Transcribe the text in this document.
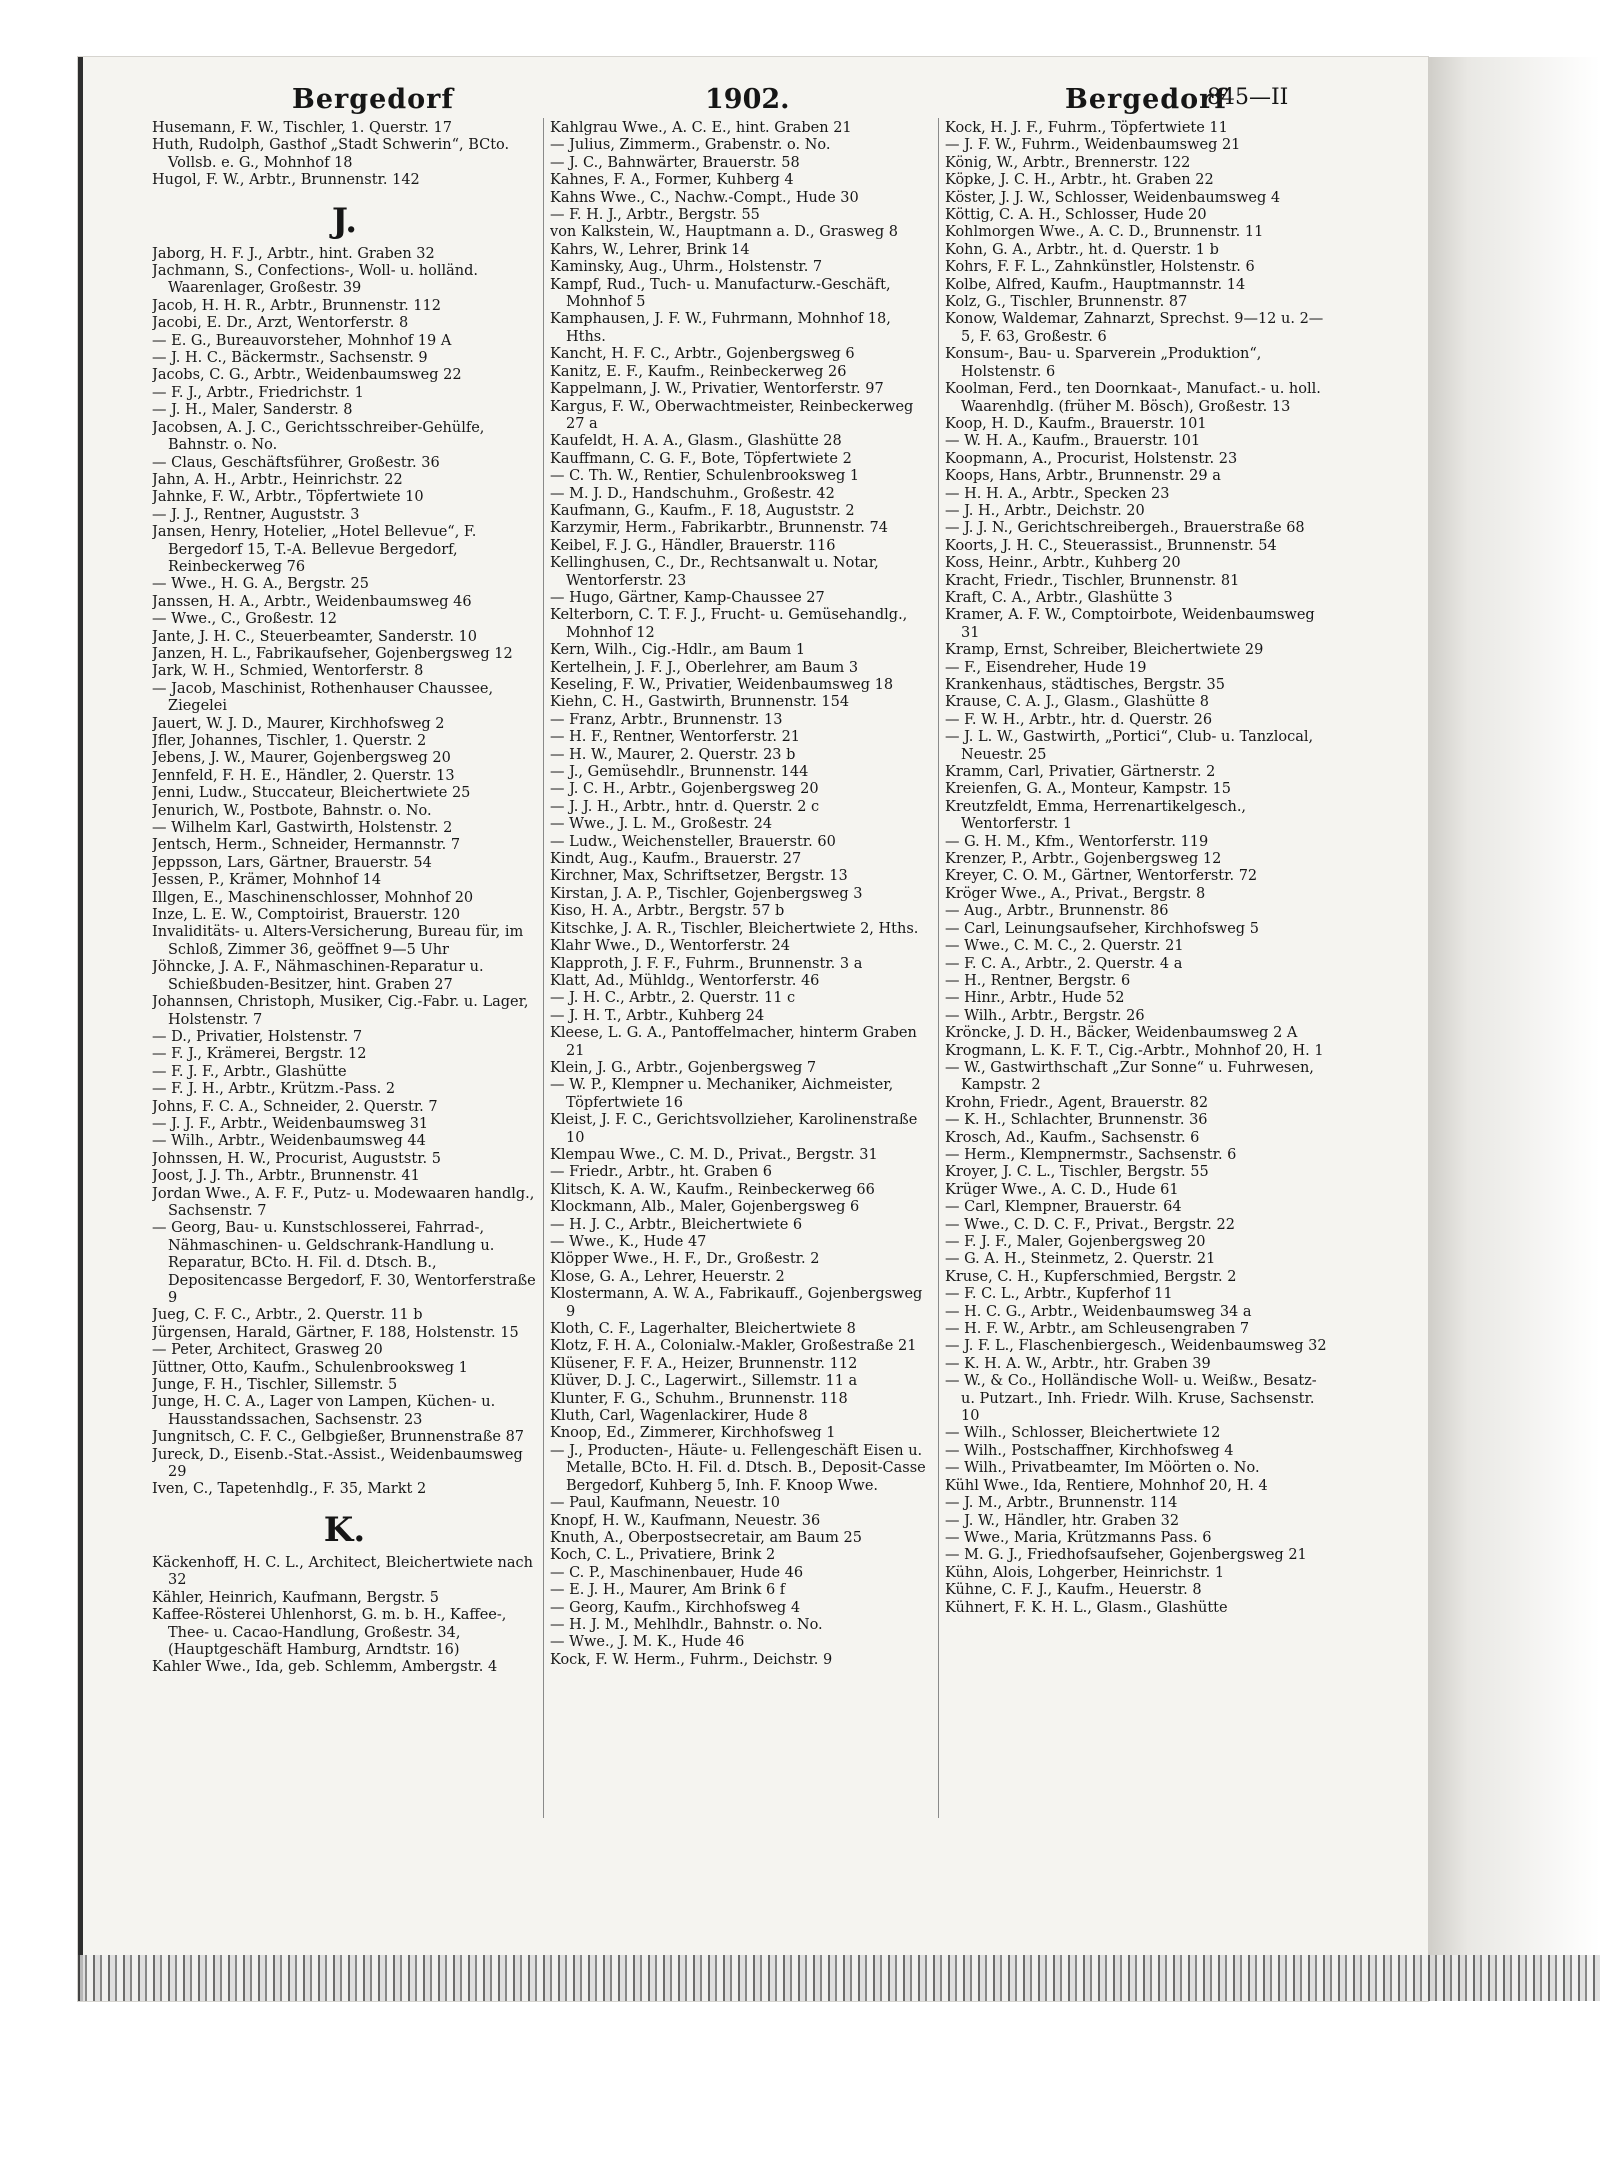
Bergedorf	1902.	Bergedorf
845—II

Husemann, F. W., Tischler, 1. Querstr. 17

Huth, Rudolph, Gasthof „Stadt Schwerin“, BCto. Vollsb. e. G., Mohnhof 18

Hugol, F. W., Arbtr., Brunnenstr. 142

J.

Jaborg, H. F. J., Arbtr., hint. Graben 32

Jachmann, S., Confections-, Woll- u. holländ. Waarenlager, Großestr. 39

Jacob, H. H. R., Arbtr., Brunnenstr. 112

Jacobi, E. Dr., Arzt, Wentorferstr. 8

— E. G., Bureauvorsteher, Mohnhof 19 A

— J. H. C., Bäckermstr., Sachsenstr. 9

Jacobs, C. G., Arbtr., Weidenbaumsweg 22

— F. J., Arbtr., Friedrichstr. 1

— J. H., Maler, Sanderstr. 8

Jacobsen, A. J. C., Gerichtsschreiber-Gehülfe, Bahnstr. o. No.

— Claus, Geschäftsführer, Großestr. 36

Jahn, A. H., Arbtr., Heinrichstr. 22

Jahnke, F. W., Arbtr., Töpfertwiete 10

— J. J., Rentner, Auguststr. 3

Jansen, Henry, Hotelier, „Hotel Bellevue“, F. Bergedorf 15, T.-A. Bellevue Bergedorf, Reinbeckerweg 76

— Wwe., H. G. A., Bergstr. 25

Janssen, H. A., Arbtr., Weidenbaumsweg 46

— Wwe., C., Großestr. 12

Jante, J. H. C., Steuerbeamter, Sanderstr. 10

Janzen, H. L., Fabrikaufseher, Gojenbergsweg 12

Jark, W. H., Schmied, Wentorferstr. 8

— Jacob, Maschinist, Rothenhauser Chaussee, Ziegelei

Jauert, W. J. D., Maurer, Kirchhofsweg 2

Jfler, Johannes, Tischler, 1. Querstr. 2

Jebens, J. W., Maurer, Gojenbergsweg 20

Jennfeld, F. H. E., Händler, 2. Querstr. 13

Jenni, Ludw., Stuccateur, Bleichertwiete 25

Jenurich, W., Postbote, Bahnstr. o. No.

— Wilhelm Karl, Gastwirth, Holstenstr. 2

Jentsch, Herm., Schneider, Hermannstr. 7

Jeppsson, Lars, Gärtner, Brauerstr. 54

Jessen, P., Krämer, Mohnhof 14

Illgen, E., Maschinenschlosser, Mohnhof 20

Inze, L. E. W., Comptoirist, Brauerstr. 120

Invaliditäts- u. Alters-Versicherung, Bureau für, im Schloß, Zimmer 36, geöffnet 9—5 Uhr

Jöhncke, J. A. F., Nähmaschinen-Reparatur u. Schießbuden-Besitzer, hint. Graben 27

Johannsen, Christoph, Musiker, Cig.-Fabr. u. Lager, Holstenstr. 7

— D., Privatier, Holstenstr. 7

— F. J., Krämerei, Bergstr. 12

— F. J. F., Arbtr., Glashütte

— F. J. H., Arbtr., Krützm.-Pass. 2

Johns, F. C. A., Schneider, 2. Querstr. 7

— J. J. F., Arbtr., Weidenbaumsweg 31

— Wilh., Arbtr., Weidenbaumsweg 44

Johnssen, H. W., Procurist, Auguststr. 5

Joost, J. J. Th., Arbtr., Brunnenstr. 41

Jordan Wwe., A. F. F., Putz- u. Modewaaren handlg., Sachsenstr. 7

— Georg, Bau- u. Kunstschlosserei, Fahrrad-, Nähmaschinen- u. Geldschrank-Handlung u. Reparatur, BCto. H. Fil. d. Dtsch. B., Depositencasse Bergedorf, F. 30, Wentorferstraße 9

Jueg, C. F. C., Arbtr., 2. Querstr. 11 b

Jürgensen, Harald, Gärtner, F. 188, Holstenstr. 15

— Peter, Architect, Grasweg 20

Jüttner, Otto, Kaufm., Schulenbrooksweg 1

Junge, F. H., Tischler, Sillemstr. 5

Junge, H. C. A., Lager von Lampen, Küchen- u. Hausstandssachen, Sachsenstr. 23

Jungnitsch, C. F. C., Gelbgießer, Brunnenstraße 87

Jureck, D., Eisenb.-Stat.-Assist., Weidenbaumsweg 29

Iven, C., Tapetenhdlg., F. 35, Markt 2

K.

Käckenhoff, H. C. L., Architect, Bleichertwiete nach 32

Kähler, Heinrich, Kaufmann, Bergstr. 5

Kaffee-Rösterei Uhlenhorst, G. m. b. H., Kaffee-, Thee- u. Cacao-Handlung, Großestr. 34, (Hauptgeschäft Hamburg, Arndtstr. 16)

Kahler Wwe., Ida, geb. Schlemm, Ambergstr. 4

Kahlgrau Wwe., A. C. E., hint. Graben 21

— Julius, Zimmerm., Grabenstr. o. No.

— J. C., Bahnwärter, Brauerstr. 58

Kahnes, F. A., Former, Kuhberg 4

Kahns Wwe., C., Nachw.-Compt., Hude 30

— F. H. J., Arbtr., Bergstr. 55

von Kalkstein, W., Hauptmann a. D., Grasweg 8

Kahrs, W., Lehrer, Brink 14

Kaminsky, Aug., Uhrm., Holstenstr. 7

Kampf, Rud., Tuch- u. Manufacturw.-Geschäft, Mohnhof 5

Kamphausen, J. F. W., Fuhrmann, Mohnhof 18, Hths.

Kancht, H. F. C., Arbtr., Gojenbergsweg 6

Kanitz, E. F., Kaufm., Reinbeckerweg 26

Kappelmann, J. W., Privatier, Wentorferstr. 97

Kargus, F. W., Oberwachtmeister, Reinbeckerweg 27 a

Kaufeldt, H. A. A., Glasm., Glashütte 28

Kauffmann, C. G. F., Bote, Töpfertwiete 2

— C. Th. W., Rentier, Schulenbrooksweg 1

— M. J. D., Handschuhm., Großestr. 42

Kaufmann, G., Kaufm., F. 18, Auguststr. 2

Karzymir, Herm., Fabrikarbtr., Brunnenstr. 74

Keibel, F. J. G., Händler, Brauerstr. 116

Kellinghusen, C., Dr., Rechtsanwalt u. Notar, Wentorferstr. 23

— Hugo, Gärtner, Kamp-Chaussee 27

Kelterborn, C. T. F. J., Frucht- u. Gemüsehandlg., Mohnhof 12

Kern, Wilh., Cig.-Hdlr., am Baum 1

Kertelhein, J. F. J., Oberlehrer, am Baum 3

Keseling, F. W., Privatier, Weidenbaumsweg 18

Kiehn, C. H., Gastwirth, Brunnenstr. 154

— Franz, Arbtr., Brunnenstr. 13

— H. F., Rentner, Wentorferstr. 21

— H. W., Maurer, 2. Querstr. 23 b

— J., Gemüsehdlr., Brunnenstr. 144

— J. C. H., Arbtr., Gojenbergsweg 20

— J. J. H., Arbtr., hntr. d. Querstr. 2 c

— Wwe., J. L. M., Großestr. 24

— Ludw., Weichensteller, Brauerstr. 60

Kindt, Aug., Kaufm., Brauerstr. 27

Kirchner, Max, Schriftsetzer, Bergstr. 13

Kirstan, J. A. P., Tischler, Gojenbergsweg 3

Kiso, H. A., Arbtr., Bergstr. 57 b

Kitschke, J. A. R., Tischler, Bleichertwiete 2, Hths.

Klahr Wwe., D., Wentorferstr. 24

Klapproth, J. F. F., Fuhrm., Brunnenstr. 3 a

Klatt, Ad., Mühldg., Wentorferstr. 46

— J. H. C., Arbtr., 2. Querstr. 11 c

— J. H. T., Arbtr., Kuhberg 24

Kleese, L. G. A., Pantoffelmacher, hinterm Graben 21

Klein, J. G., Arbtr., Gojenbergsweg 7

— W. P., Klempner u. Mechaniker, Aichmeister, Töpfertwiete 16

Kleist, J. F. C., Gerichtsvollzieher, Karolinenstraße 10

Klempau Wwe., C. M. D., Privat., Bergstr. 31

— Friedr., Arbtr., ht. Graben 6

Klitsch, K. A. W., Kaufm., Reinbeckerweg 66

Klockmann, Alb., Maler, Gojenbergsweg 6

— H. J. C., Arbtr., Bleichertwiete 6

— Wwe., K., Hude 47

Klöpper Wwe., H. F., Dr., Großestr. 2

Klose, G. A., Lehrer, Heuerstr. 2

Klostermann, A. W. A., Fabrikauff., Gojenbergsweg 9

Kloth, C. F., Lagerhalter, Bleichertwiete 8

Klotz, F. H. A., Colonialw.-Makler, Großestraße 21

Klüsener, F. F. A., Heizer, Brunnenstr. 112

Klüver, D. J. C., Lagerwirt., Sillemstr. 11 a

Klunter, F. G., Schuhm., Brunnenstr. 118

Kluth, Carl, Wagenlackirer, Hude 8

Knoop, Ed., Zimmerer, Kirchhofsweg 1

— J., Producten-, Häute- u. Fellengeschäft Eisen u. Metalle, BCto. H. Fil. d. Dtsch. B., Deposit-Casse Bergedorf, Kuhberg 5, Inh. F. Knoop Wwe.

— Paul, Kaufmann, Neuestr. 10

Knopf, H. W., Kaufmann, Neuestr. 36

Knuth, A., Oberpostsecretair, am Baum 25

Koch, C. L., Privatiere, Brink 2

— C. P., Maschinenbauer, Hude 46

— E. J. H., Maurer, Am Brink 6 f

— Georg, Kaufm., Kirchhofsweg 4

— H. J. M., Mehlhdlr., Bahnstr. o. No.

— Wwe., J. M. K., Hude 46

Kock, F. W. Herm., Fuhrm., Deichstr. 9

Kock, H. J. F., Fuhrm., Töpfertwiete 11

— J. F. W., Fuhrm., Weidenbaumsweg 21

König, W., Arbtr., Brennerstr. 122

Köpke, J. C. H., Arbtr., ht. Graben 22

Köster, J. J. W., Schlosser, Weidenbaumsweg 4

Köttig, C. A. H., Schlosser, Hude 20

Kohlmorgen Wwe., A. C. D., Brunnenstr. 11

Kohn, G. A., Arbtr., ht. d. Querstr. 1 b

Kohrs, F. F. L., Zahnkünstler, Holstenstr. 6

Kolbe, Alfred, Kaufm., Hauptmannstr. 14

Kolz, G., Tischler, Brunnenstr. 87

Konow, Waldemar, Zahnarzt, Sprechst. 9—12 u. 2—5, F. 63, Großestr. 6

Konsum-, Bau- u. Sparverein „Produktion“, Holstenstr. 6

Koolman, Ferd., ten Doornkaat-, Manufact.- u. holl. Waarenhdlg. (früher M. Bösch), Großestr. 13

Koop, H. D., Kaufm., Brauerstr. 101

— W. H. A., Kaufm., Brauerstr. 101

Koopmann, A., Procurist, Holstenstr. 23

Koops, Hans, Arbtr., Brunnenstr. 29 a

— H. H. A., Arbtr., Specken 23

— J. H., Arbtr., Deichstr. 20

— J. J. N., Gerichtschreibergeh., Brauerstraße 68

Koorts, J. H. C., Steuerassist., Brunnenstr. 54

Koss, Heinr., Arbtr., Kuhberg 20

Kracht, Friedr., Tischler, Brunnenstr. 81

Kraft, C. A., Arbtr., Glashütte 3

Kramer, A. F. W., Comptoirbote, Weidenbaumsweg 31

Kramp, Ernst, Schreiber, Bleichertwiete 29

— F., Eisendreher, Hude 19

Krankenhaus, städtisches, Bergstr. 35

Krause, C. A. J., Glasm., Glashütte 8

— F. W. H., Arbtr., htr. d. Querstr. 26

— J. L. W., Gastwirth, „Portici“, Club- u. Tanzlocal, Neuestr. 25

Kramm, Carl, Privatier, Gärtnerstr. 2

Kreienfen, G. A., Monteur, Kampstr. 15

Kreutzfeldt, Emma, Herrenartikelgesch., Wentorferstr. 1

— G. H. M., Kfm., Wentorferstr. 119

Krenzer, P., Arbtr., Gojenbergsweg 12

Kreyer, C. O. M., Gärtner, Wentorferstr. 72

Kröger Wwe., A., Privat., Bergstr. 8

— Aug., Arbtr., Brunnenstr. 86

— Carl, Leinungsaufseher, Kirchhofsweg 5

— Wwe., C. M. C., 2. Querstr. 21

— F. C. A., Arbtr., 2. Querstr. 4 a

— H., Rentner, Bergstr. 6

— Hinr., Arbtr., Hude 52

— Wilh., Arbtr., Bergstr. 26

Kröncke, J. D. H., Bäcker, Weidenbaumsweg 2 A

Krogmann, L. K. F. T., Cig.-Arbtr., Mohnhof 20, H. 1

— W., Gastwirthschaft „Zur Sonne“ u. Fuhrwesen, Kampstr. 2

Krohn, Friedr., Agent, Brauerstr. 82

— K. H., Schlachter, Brunnenstr. 36

Krosch, Ad., Kaufm., Sachsenstr. 6

— Herm., Klempnermstr., Sachsenstr. 6

Kroyer, J. C. L., Tischler, Bergstr. 55

Krüger Wwe., A. C. D., Hude 61

— Carl, Klempner, Brauerstr. 64

— Wwe., C. D. C. F., Privat., Bergstr. 22

— F. J. F., Maler, Gojenbergsweg 20

— G. A. H., Steinmetz, 2. Querstr. 21

Kruse, C. H., Kupferschmied, Bergstr. 2

— F. C. L., Arbtr., Kupferhof 11

— H. C. G., Arbtr., Weidenbaumsweg 34 a

— H. F. W., Arbtr., am Schleusengraben 7

— J. F. L., Flaschenbiergesch., Weidenbaumsweg 32

— K. H. A. W., Arbtr., htr. Graben 39

— W., & Co., Holländische Woll- u. Weißw., Besatz- u. Putzart., Inh. Friedr. Wilh. Kruse, Sachsenstr. 10

— Wilh., Schlosser, Bleichertwiete 12

— Wilh., Postschaffner, Kirchhofsweg 4

— Wilh., Privatbeamter, Im Möörten o. No.

Kühl Wwe., Ida, Rentiere, Mohnhof 20, H. 4

— J. M., Arbtr., Brunnenstr. 114

— J. W., Händler, htr. Graben 32

— Wwe., Maria, Krützmanns Pass. 6

— M. G. J., Friedhofsaufseher, Gojenbergsweg 21

Kühn, Alois, Lohgerber, Heinrichstr. 1

Kühne, C. F. J., Kaufm., Heuerstr. 8

Kühnert, F. K. H. L., Glasm., Glashütte
